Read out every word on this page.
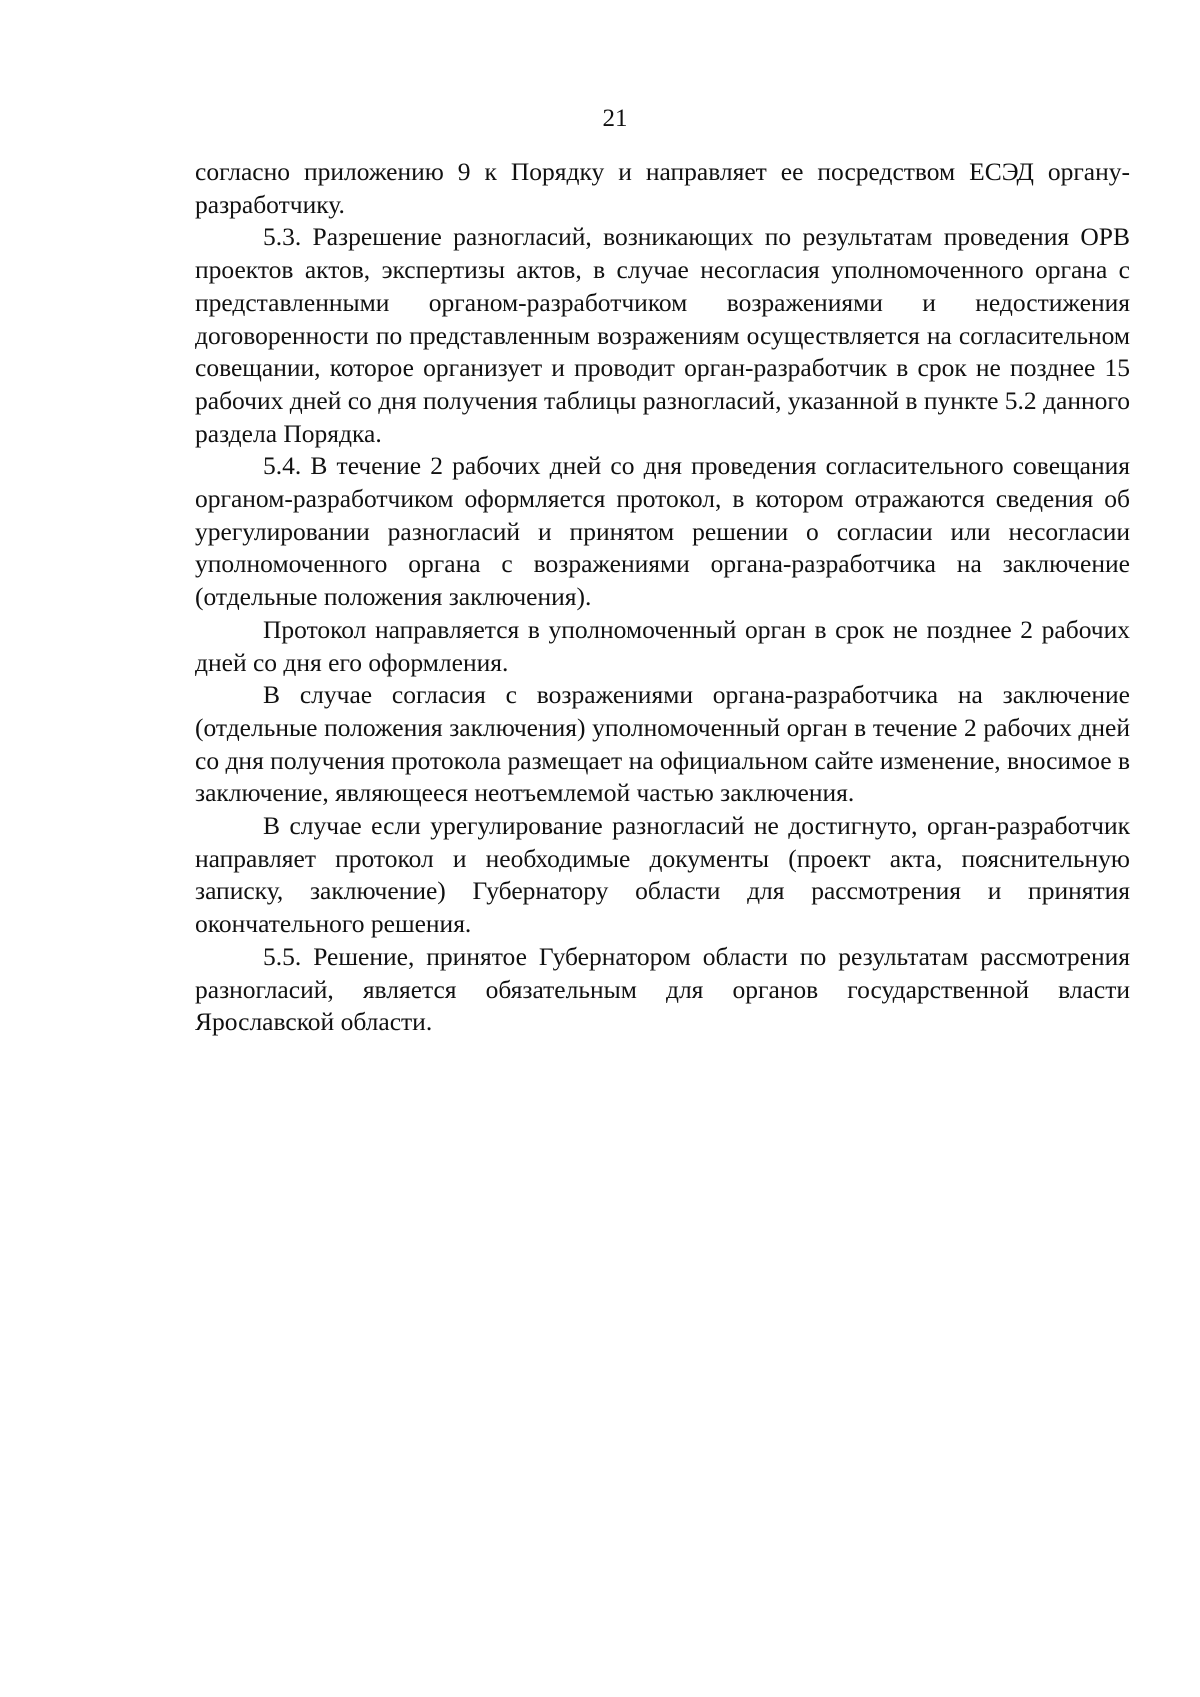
21

согласно приложению 9 к Порядку и направляет ее посредством ЕСЭД органу-разработчику.

5.3. Разрешение разногласий, возникающих по результатам проведения ОРВ проектов актов, экспертизы актов, в случае несогласия уполномоченного органа с представленными органом-разработчиком возражениями и недостижения договоренности по представленным возражениям осуществляется на согласительном совещании, которое организует и проводит орган-разработчик в срок не позднее 15 рабочих дней со дня получения таблицы разногласий, указанной в пункте 5.2 данного раздела Порядка.

5.4. В течение 2 рабочих дней со дня проведения согласительного совещания органом-разработчиком оформляется протокол, в котором отражаются сведения об урегулировании разногласий и принятом решении о согласии или несогласии уполномоченного органа с возражениями органа-разработчика на заключение (отдельные положения заключения).

Протокол направляется в уполномоченный орган в срок не позднее 2 рабочих дней со дня его оформления.

В случае согласия с возражениями органа-разработчика на заключение (отдельные положения заключения) уполномоченный орган в течение 2 рабочих дней со дня получения протокола размещает на официальном сайте изменение, вносимое в заключение, являющееся неотъемлемой частью заключения.

В случае если урегулирование разногласий не достигнуто, орган-разработчик направляет протокол и необходимые документы (проект акта, пояснительную записку, заключение) Губернатору области для рассмотрения и принятия окончательного решения.

5.5. Решение, принятое Губернатором области по результатам рассмотрения разногласий, является обязательным для органов государственной власти Ярославской области.
